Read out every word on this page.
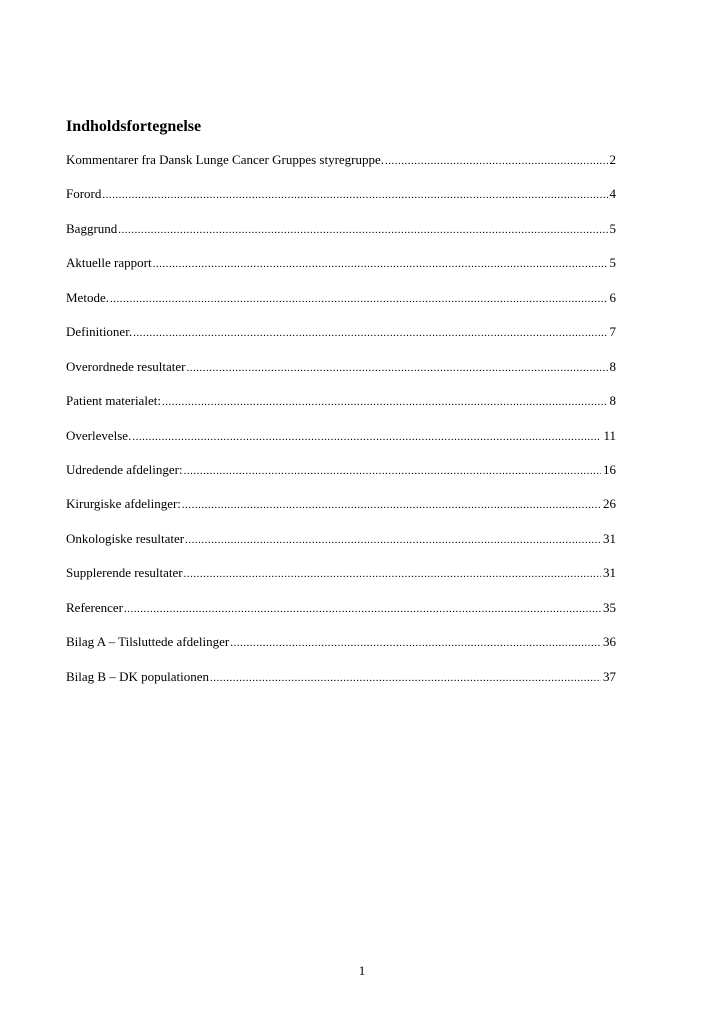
Indholdsfortegnelse
Kommentarer fra Dansk Lunge Cancer Gruppes styregruppe. .....	2
Forord .....	4
Baggrund .....	5
Aktuelle rapport .....	5
Metode. .....	6
Definitioner. .....	7
Overordnede resultater .....	8
Patient materialet: .....	8
Overlevelse. .....	11
Udredende afdelinger: .....	16
Kirurgiske afdelinger: .....	26
Onkologiske resultater .....	31
Supplerende resultater .....	31
Referencer .....	35
Bilag A – Tilsluttede afdelinger .....	36
Bilag B – DK populationen .....	37
1
